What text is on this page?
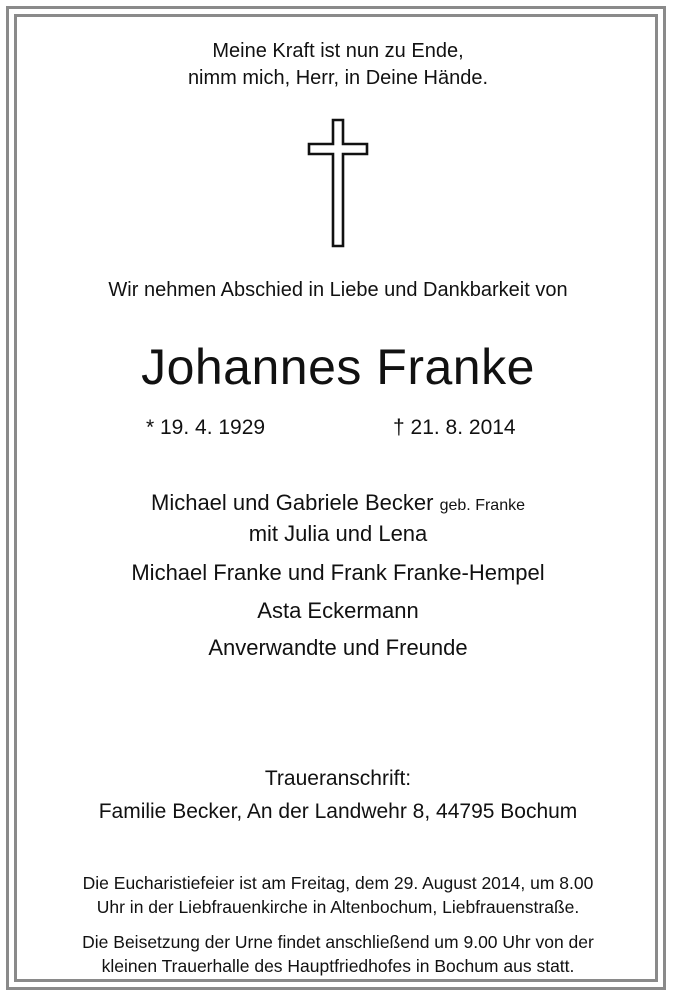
Meine Kraft ist nun zu Ende,
nimm mich, Herr, in Deine Hände.
Wir nehmen Abschied in Liebe und Dankbarkeit von
Johannes Franke
* 19. 4. 1929	† 21. 8. 2014
Michael und Gabriele Becker geb. Franke
mit Julia und Lena
Michael Franke und Frank Franke-Hempel
Asta Eckermann
Anverwandte und Freunde
Traueranschrift:
Familie Becker, An der Landwehr 8, 44795 Bochum
Die Eucharistiefeier ist am Freitag, dem 29. August 2014, um 8.00
Uhr in der Liebfrauenkirche in Altenbochum, Liebfrauenstraße.
Die Beisetzung der Urne findet anschließend um 9.00 Uhr von der
kleinen Trauerhalle des Hauptfriedhofes in Bochum aus statt.
